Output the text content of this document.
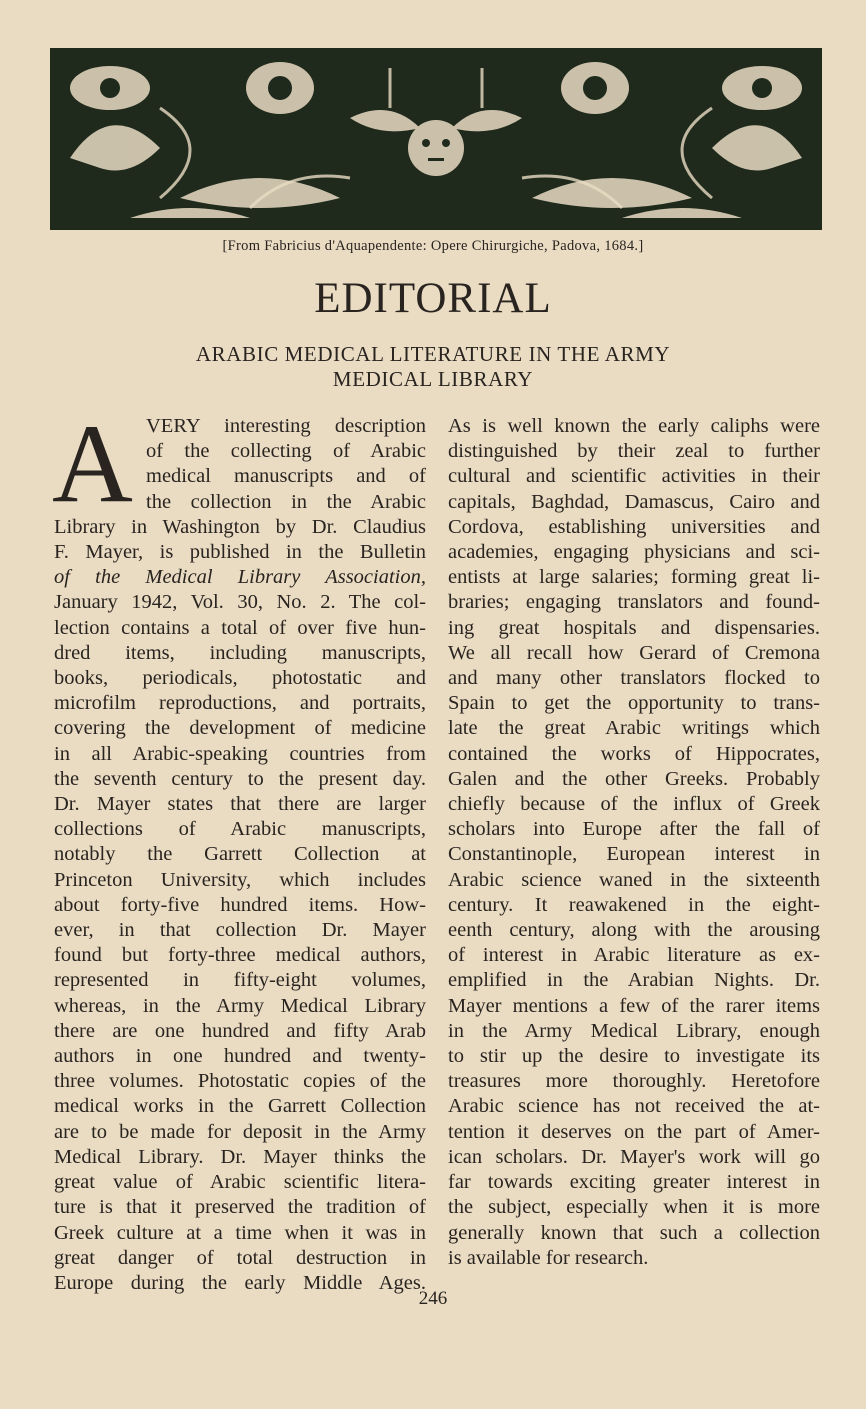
[From Fabricius d'Aquapendente: Opere Chirurgiche, Padova, 1684.]
EDITORIAL
ARABIC MEDICAL LITERATURE IN THE ARMY
MEDICAL LIBRARY
A VERY interesting description
of the collecting of Arabic
medical manuscripts and of
the collection in the Arabic
Library in Washington by Dr. Claudius
F. Mayer, is published in the Bulletin
of the Medical Library Association,
January 1942, Vol. 30, No. 2. The col-
lection contains a total of over five hun-
dred items, including manuscripts,
books, periodicals, photostatic and
microfilm reproductions, and portraits,
covering the development of medicine
in all Arabic-speaking countries from
the seventh century to the present day.
Dr. Mayer states that there are larger
collections of Arabic manuscripts,
notably the Garrett Collection at
Princeton University, which includes
about forty-five hundred items. How-
ever, in that collection Dr. Mayer
found but forty-three medical authors,
represented in fifty-eight volumes,
whereas, in the Army Medical Library
there are one hundred and fifty Arab
authors in one hundred and twenty-
three volumes. Photostatic copies of the
medical works in the Garrett Collection
are to be made for deposit in the Army
Medical Library. Dr. Mayer thinks the
great value of Arabic scientific litera-
ture is that it preserved the tradition of
Greek culture at a time when it was in
great danger of total destruction in
Europe during the early Middle Ages.
As is well known the early caliphs were
distinguished by their zeal to further
cultural and scientific activities in their
capitals, Baghdad, Damascus, Cairo and
Cordova, establishing universities and
academies, engaging physicians and sci-
entists at large salaries; forming great li-
braries; engaging translators and found-
ing great hospitals and dispensaries.
We all recall how Gerard of Cremona
and many other translators flocked to
Spain to get the opportunity to trans-
late the great Arabic writings which
contained the works of Hippocrates,
Galen and the other Greeks. Probably
chiefly because of the influx of Greek
scholars into Europe after the fall of
Constantinople, European interest in
Arabic science waned in the sixteenth
century. It reawakened in the eight-
eenth century, along with the arousing
of interest in Arabic literature as ex-
emplified in the Arabian Nights. Dr.
Mayer mentions a few of the rarer items
in the Army Medical Library, enough
to stir up the desire to investigate its
treasures more thoroughly. Heretofore
Arabic science has not received the at-
tention it deserves on the part of Amer-
ican scholars. Dr. Mayer's work will go
far towards exciting greater interest in
the subject, especially when it is more
generally known that such a collection
is available for research.
246
